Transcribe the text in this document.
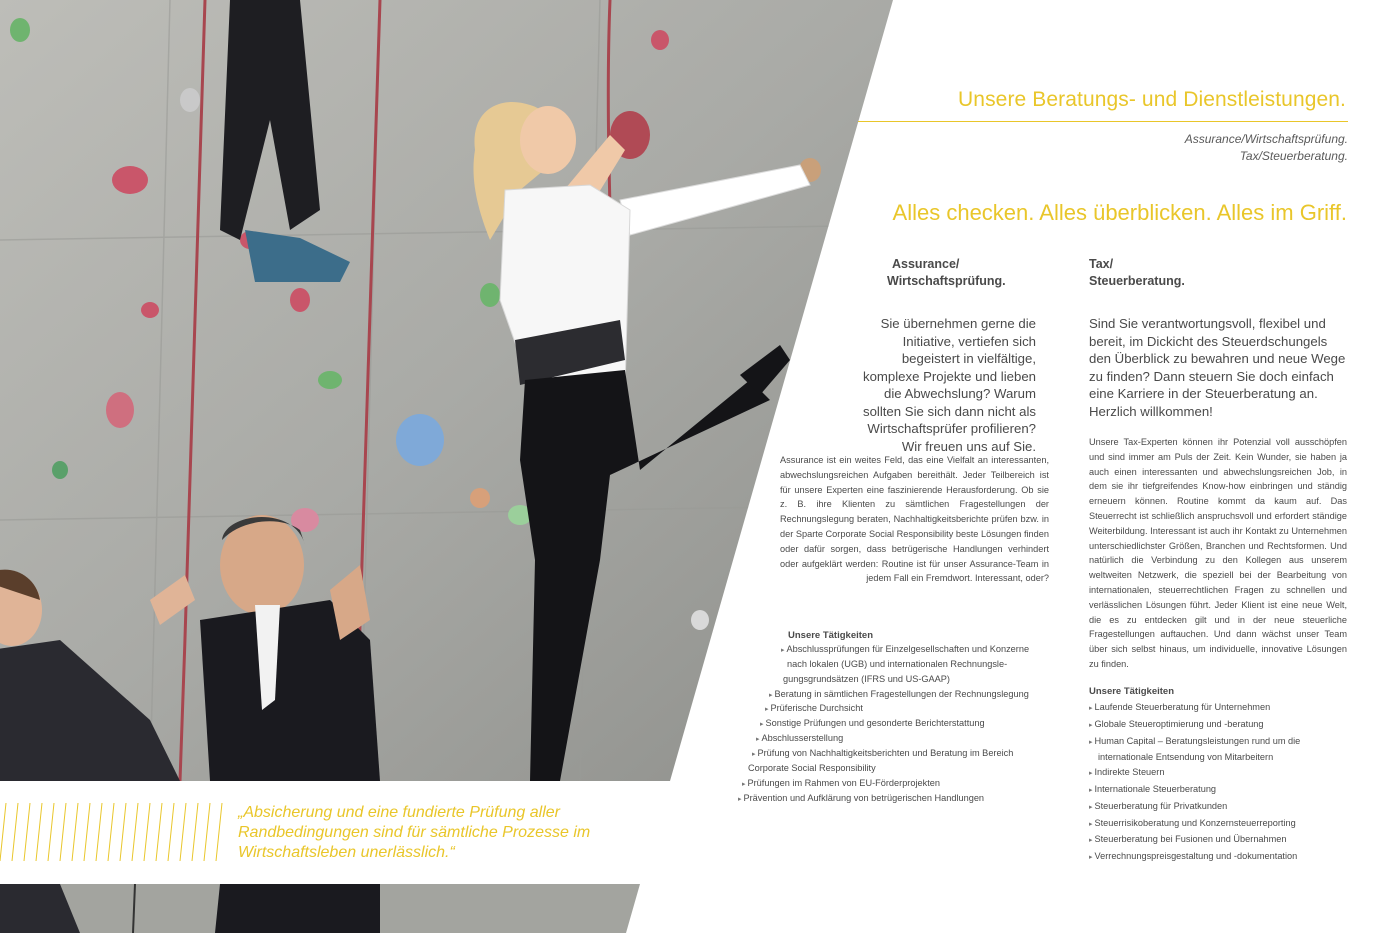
„Absicherung und eine fundierte Prüfung aller Randbedingungen sind für sämtliche Prozesse im Wirtschaftsleben unerlässlich.“

Unsere Beratungs- und Dienstleistungen.
Assurance/Wirtschaftsprüfung.
Tax/Steuerberatung.
Alles checken. Alles überblicken. Alles im Griff.
Assurance/
Wirtschaftsprüfung.

Sie übernehmen gerne die Initiative, vertiefen sich begeistert in vielfältige, komplexe Projekte und lieben die Abwechslung? Warum sollten Sie sich dann nicht als Wirtschaftsprüfer profilieren? Wir freuen uns auf Sie.

Assurance ist ein weites Feld, das eine Vielfalt an interessanten, abwechslungsreichen Aufgaben bereithält. Jeder Teilbereich ist für unsere Experten eine faszinierende Herausforderung. Ob sie z. B. ihre Klienten zu sämtlichen Fragestellungen der Rechnungslegung beraten, Nachhaltigkeitsberichte prüfen bzw. in der Sparte Corporate Social Responsibility beste Lösungen finden oder dafür sorgen, dass betrügerische Handlungen verhindert oder aufgeklärt werden: Routine ist für unser Assurance-Team in jedem Fall ein Fremdwort. Interessant, oder?

Unsere Tätigkeiten

▸ Abschlussprüfungen für Einzelgesellschaften und Konzerne
nach lokalen (UGB) und internationalen Rechnungsle-
gungsgrundsätzen (IFRS und US-GAAP)
▸ Beratung in sämtlichen Fragestellungen der Rechnungslegung
▸ Prüferische Durchsicht
▸ Sonstige Prüfungen und gesonderte Berichterstattung
▸ Abschlusserstellung
▸ Prüfung von Nachhaltigkeitsberichten und Beratung im Bereich
Corporate Social Responsibility
▸ Prüfungen im Rahmen von EU-Förderprojekten
▸ Prävention und Aufklärung von betrügerischen Handlungen
Tax/
Steuerberatung.

Sind Sie verantwortungsvoll, flexibel und bereit, im Dickicht des Steuerdschungels den Überblick zu bewahren und neue Wege zu finden? Dann steuern Sie doch einfach eine Karriere in der Steuerberatung an. Herzlich willkommen!

Unsere Tax-Experten können ihr Potenzial voll ausschöpfen und sind immer am Puls der Zeit. Kein Wunder, sie haben ja auch einen interessanten und abwechslungsreichen Job, in dem sie ihr tiefgreifendes Know-how einbringen und ständig erneuern können. Routine kommt da kaum auf. Das Steuerrecht ist schließlich anspruchsvoll und erfordert ständige Weiterbildung. Interessant ist auch ihr Kontakt zu Unternehmen unterschiedlichster Größen, Branchen und Rechtsformen. Und natürlich die Verbindung zu den Kollegen aus unserem weltweiten Netzwerk, die speziell bei der Bearbeitung von internationalen, steuerrechtlichen Fragen zu schnellen und verlässlichen Lösungen führt. Jeder Klient ist eine neue Welt, die es zu entdecken gilt und in der neue steuerliche Fragestellungen auftauchen. Und dann wächst unser Team über sich selbst hinaus, um individuelle, innovative Lösungen zu finden.

Unsere Tätigkeiten

▸ Laufende Steuerberatung für Unternehmen
▸ Globale Steueroptimierung und -beratung
▸ Human Capital – Beratungsleistungen rund um die internationale Entsendung von Mitarbeitern
▸ Indirekte Steuern
▸ Internationale Steuerberatung
▸ Steuerberatung für Privatkunden
▸ Steuerrisikoberatung und Konzernsteuerreporting
▸ Steuerberatung bei Fusionen und Übernahmen
▸ Verrechnungspreisgestaltung und -dokumentation
